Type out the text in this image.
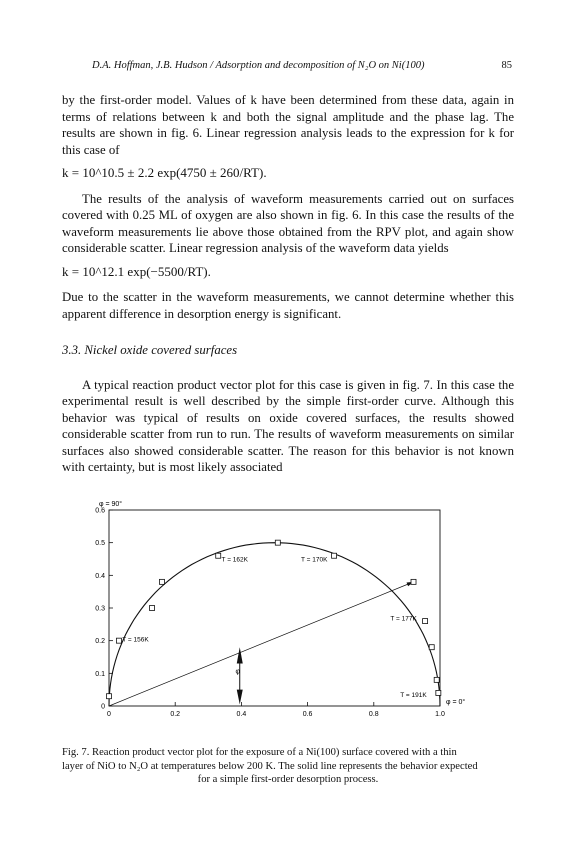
D.A. Hoffman, J.B. Hudson / Adsorption and decomposition of N₂O on Ni(100)	85

by the first-order model. Values of k have been determined from these data, again in terms of relations between k and both the signal amplitude and the phase lag. The results are shown in fig. 6. Linear regression analysis leads to the expression for k for this case of

k = 10^10.5 ± 2.2 exp(4750 ± 260/RT).

The results of the analysis of waveform measurements carried out on surfaces covered with 0.25 ML of oxygen are also shown in fig. 6. In this case the results of the waveform measurements lie above those obtained from the RPV plot, and again show considerable scatter. Linear regression analysis of the waveform data yields

k = 10^12.1 exp(−5500/RT).

Due to the scatter in the waveform measurements, we cannot determine whether this apparent difference in desorption energy is significant.

3.3. Nickel oxide covered surfaces

A typical reaction product vector plot for this case is given in fig. 7. In this case the experimental result is well described by the simple first-order curve. Although this behavior was typical of results on oxide covered surfaces, the results showed considerable scatter from run to run. The results of waveform measurements on similar surfaces also showed considerable scatter. The reason for this behavior is not known with certainty, but is most likely associated

0	0.2	0.4	0.6	0.8	1.0
0
0.1
0.2
0.3
0.4
0.5
0.6
φ
T = 156K
T = 162K	T = 170K
T = 177K
T = 191K
φ = 90°
φ = 0°
Fig. 7. Reaction product vector plot for the exposure of a Ni(100) surface covered with a thin
layer of NiO to N₂O at temperatures below 200 K. The solid line represents the behavior expected
for a simple first-order desorption process.
